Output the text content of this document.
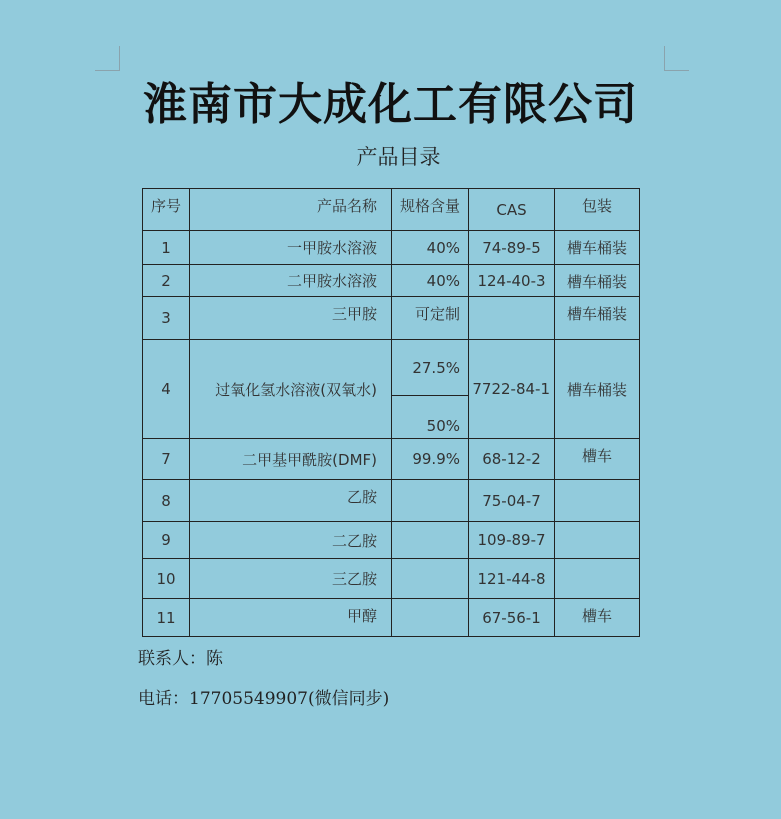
淮南市大成化工有限公司
产品目录
序号	产品名称	规格含量	CAS	包装
1	一甲胺水溶液	40%	74-89-5	槽车桶装
2	二甲胺水溶液	40%	124-40-3	槽车桶装
3	三甲胺	可定制		槽车桶装
4	过氧化氢水溶液(双氧水)	27.5%	7722-84-1	槽车桶装
		50%		
7	二甲基甲酰胺(DMF)	99.9%	68-12-2	槽车
8	乙胺		75-04-7	
9	二乙胺		109-89-7	
10	三乙胺		121-44-8	
11	甲醇		67-56-1	槽车
联系人：陈
电话：17705549907(微信同步)
